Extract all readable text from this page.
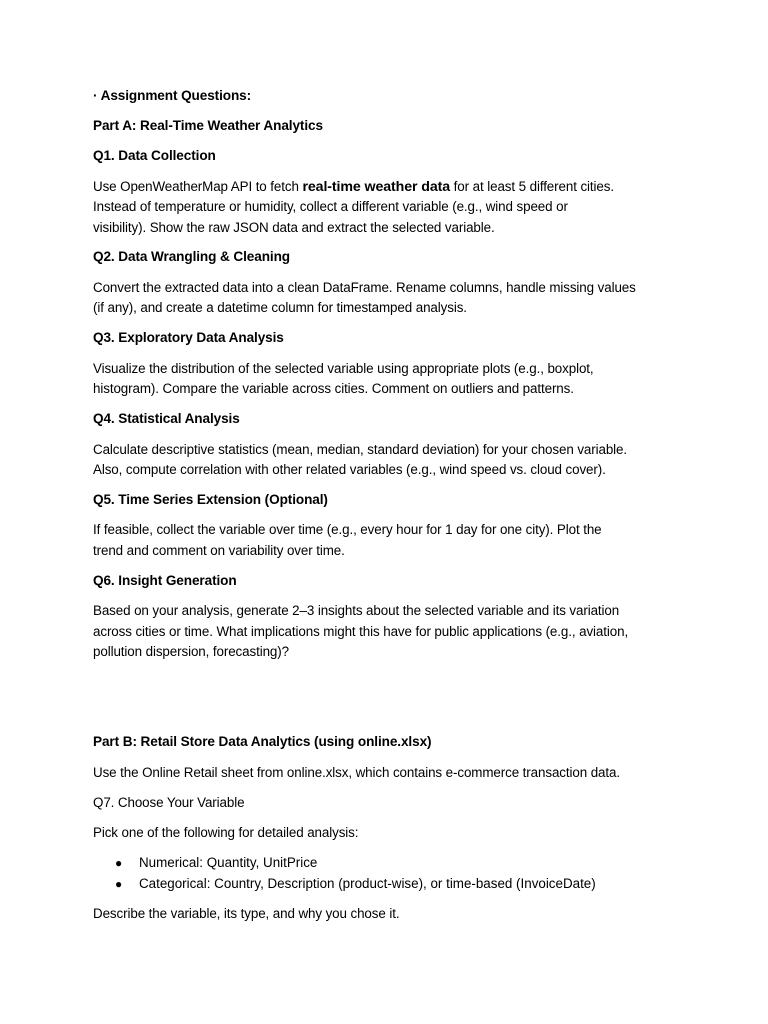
· Assignment Questions:
Part A: Real-Time Weather Analytics
Q1. Data Collection
Use OpenWeatherMap API to fetch real-time weather data for at least 5 different cities.
Instead of temperature or humidity, collect a different variable (e.g., wind speed or
visibility). Show the raw JSON data and extract the selected variable.
Q2. Data Wrangling & Cleaning
Convert the extracted data into a clean DataFrame. Rename columns, handle missing values
(if any), and create a datetime column for timestamped analysis.
Q3. Exploratory Data Analysis
Visualize the distribution of the selected variable using appropriate plots (e.g., boxplot,
histogram). Compare the variable across cities. Comment on outliers and patterns.
Q4. Statistical Analysis
Calculate descriptive statistics (mean, median, standard deviation) for your chosen variable.
Also, compute correlation with other related variables (e.g., wind speed vs. cloud cover).
Q5. Time Series Extension (Optional)
If feasible, collect the variable over time (e.g., every hour for 1 day for one city). Plot the
trend and comment on variability over time.
Q6. Insight Generation
Based on your analysis, generate 2–3 insights about the selected variable and its variation
across cities or time. What implications might this have for public applications (e.g., aviation,
pollution dispersion, forecasting)?
Part B: Retail Store Data Analytics (using online.xlsx)
Use the Online Retail sheet from online.xlsx, which contains e-commerce transaction data.
Q7. Choose Your Variable
Pick one of the following for detailed analysis:
● Numerical: Quantity, UnitPrice
● Categorical: Country, Description (product-wise), or time-based (InvoiceDate)
Describe the variable, its type, and why you chose it.
